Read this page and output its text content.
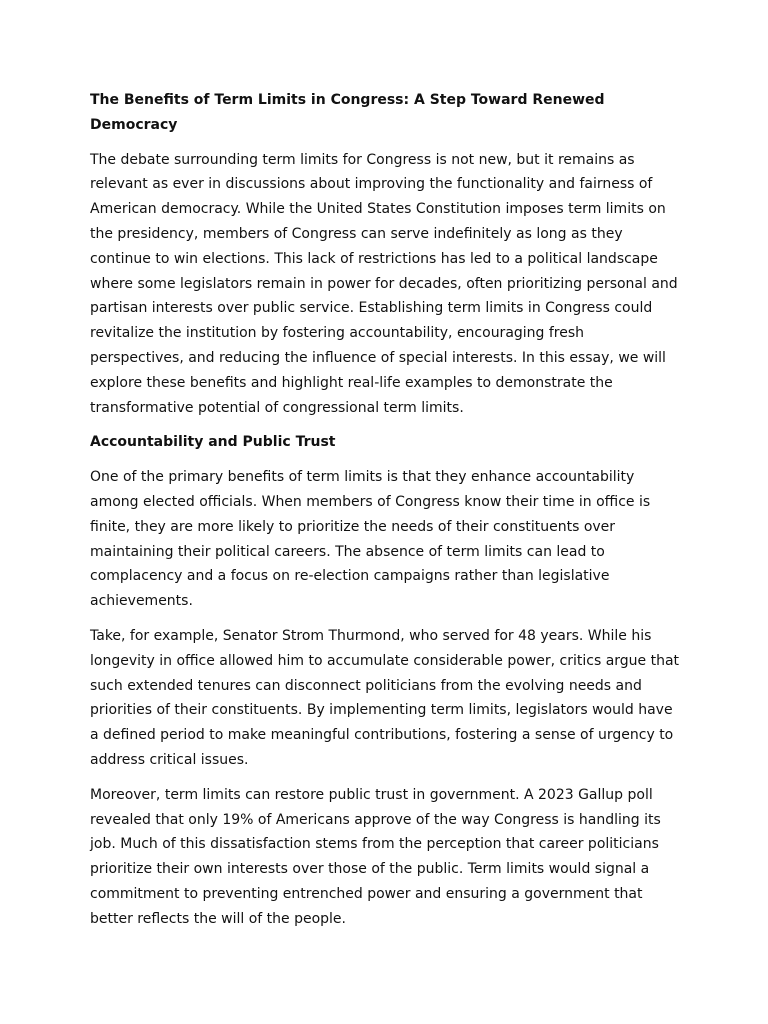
The Benefits of Term Limits in Congress: A Step Toward Renewed Democracy

The debate surrounding term limits for Congress is not new, but it remains as relevant as ever in discussions about improving the functionality and fairness of American democracy. While the United States Constitution imposes term limits on the presidency, members of Congress can serve indefinitely as long as they continue to win elections. This lack of restrictions has led to a political landscape where some legislators remain in power for decades, often prioritizing personal and partisan interests over public service. Establishing term limits in Congress could revitalize the institution by fostering accountability, encouraging fresh perspectives, and reducing the influence of special interests. In this essay, we will explore these benefits and highlight real-life examples to demonstrate the transformative potential of congressional term limits.

Accountability and Public Trust

One of the primary benefits of term limits is that they enhance accountability among elected officials. When members of Congress know their time in office is finite, they are more likely to prioritize the needs of their constituents over maintaining their political careers. The absence of term limits can lead to complacency and a focus on re-election campaigns rather than legislative achievements.

Take, for example, Senator Strom Thurmond, who served for 48 years. While his longevity in office allowed him to accumulate considerable power, critics argue that such extended tenures can disconnect politicians from the evolving needs and priorities of their constituents. By implementing term limits, legislators would have a defined period to make meaningful contributions, fostering a sense of urgency to address critical issues.

Moreover, term limits can restore public trust in government. A 2023 Gallup poll revealed that only 19% of Americans approve of the way Congress is handling its job. Much of this dissatisfaction stems from the perception that career politicians prioritize their own interests over those of the public. Term limits would signal a commitment to preventing entrenched power and ensuring a government that better reflects the will of the people.
